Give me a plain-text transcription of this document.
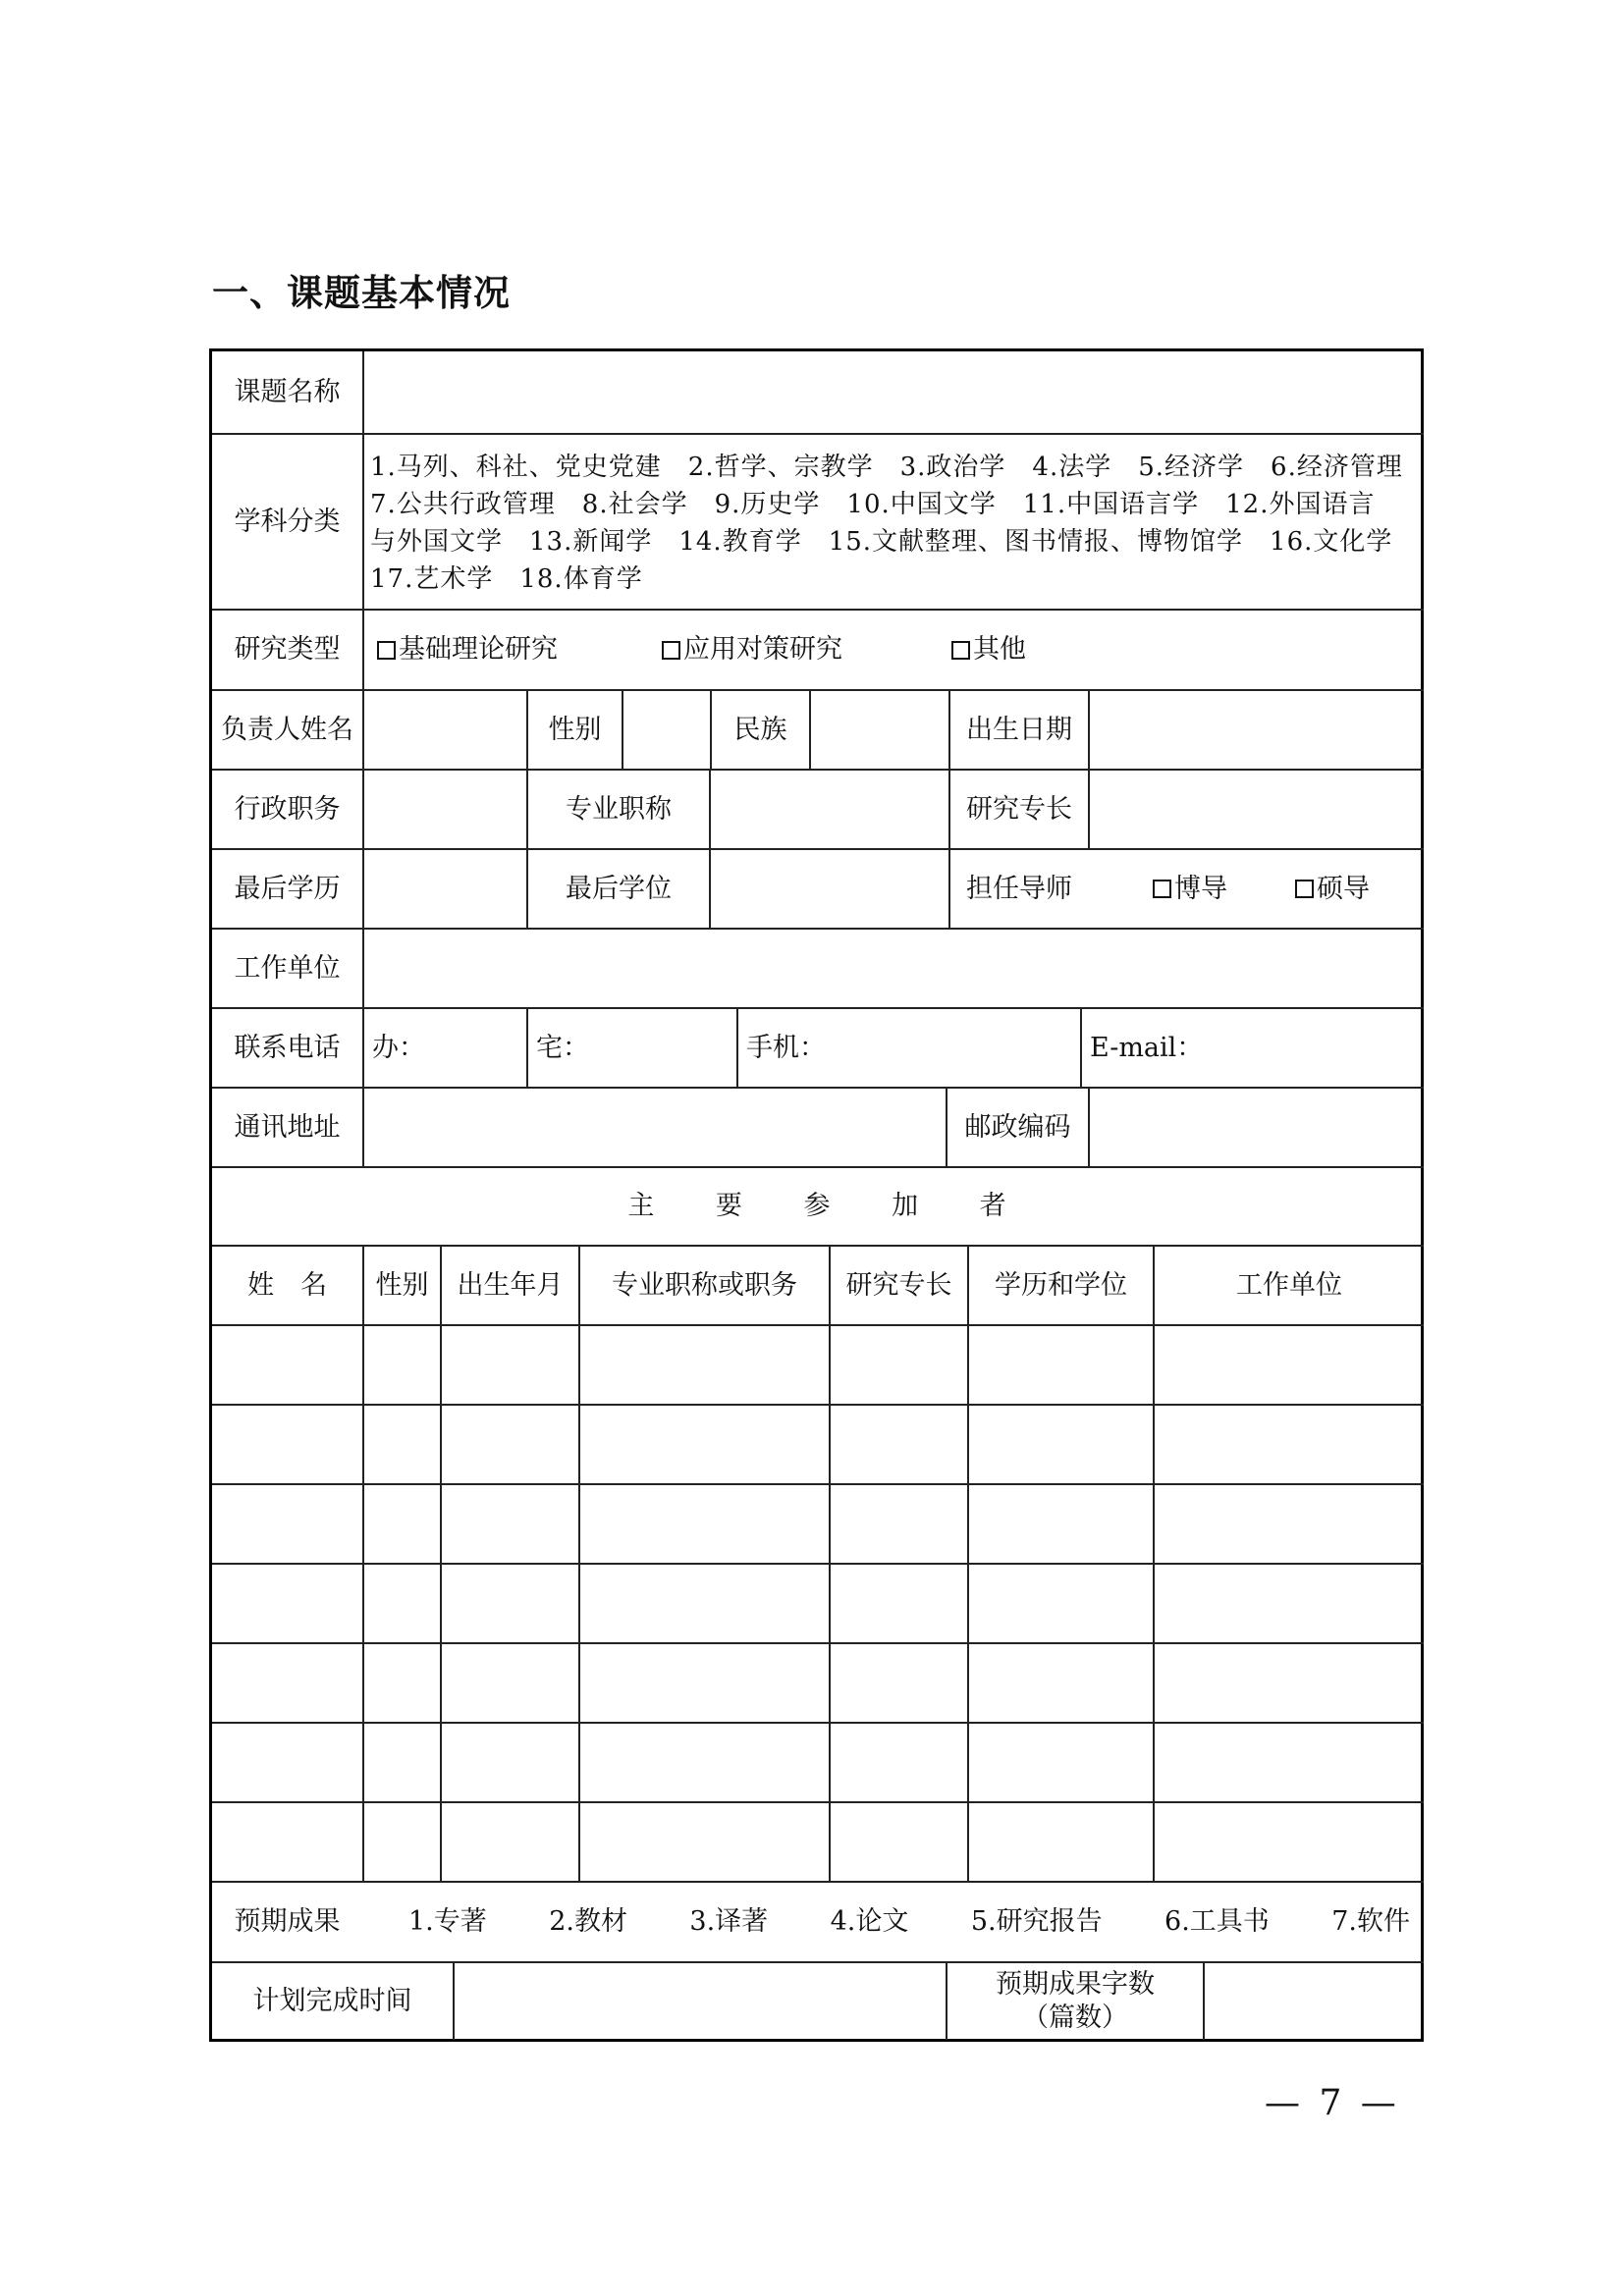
一、课题基本情况
课题名称
学科分类
1.马列、科社、党史党建　2.哲学、宗教学　3.政治学　4.法学　5.经济学　6.经济管理
7.公共行政管理　8.社会学　9.历史学　10.中国文学　11.中国语言学　12.外国语言
与外国文学　13.新闻学　14.教育学　15.文献整理、图书情报、博物馆学　16.文化学
17.艺术学　18.体育学
研究类型	基础理论研究	应用对策研究	其他
负责人姓名	性别	民族	出生日期
行政职务	专业职称	研究专长
最后学历	最后学位	担任导师	博导	硕导
工作单位
联系电话	办：	宅：	手机：	E-mail：
通讯地址	邮政编码
主 要 参 加 者
姓　名	性别	出生年月	专业职称或职务	研究专长	学历和学位	工作单位
预期成果	1.专著 2.教材 3.译著 4.论文 5.研究报告 6.工具书 7.软件
计划完成时间
预期成果字数
（篇数）
— 7 —
